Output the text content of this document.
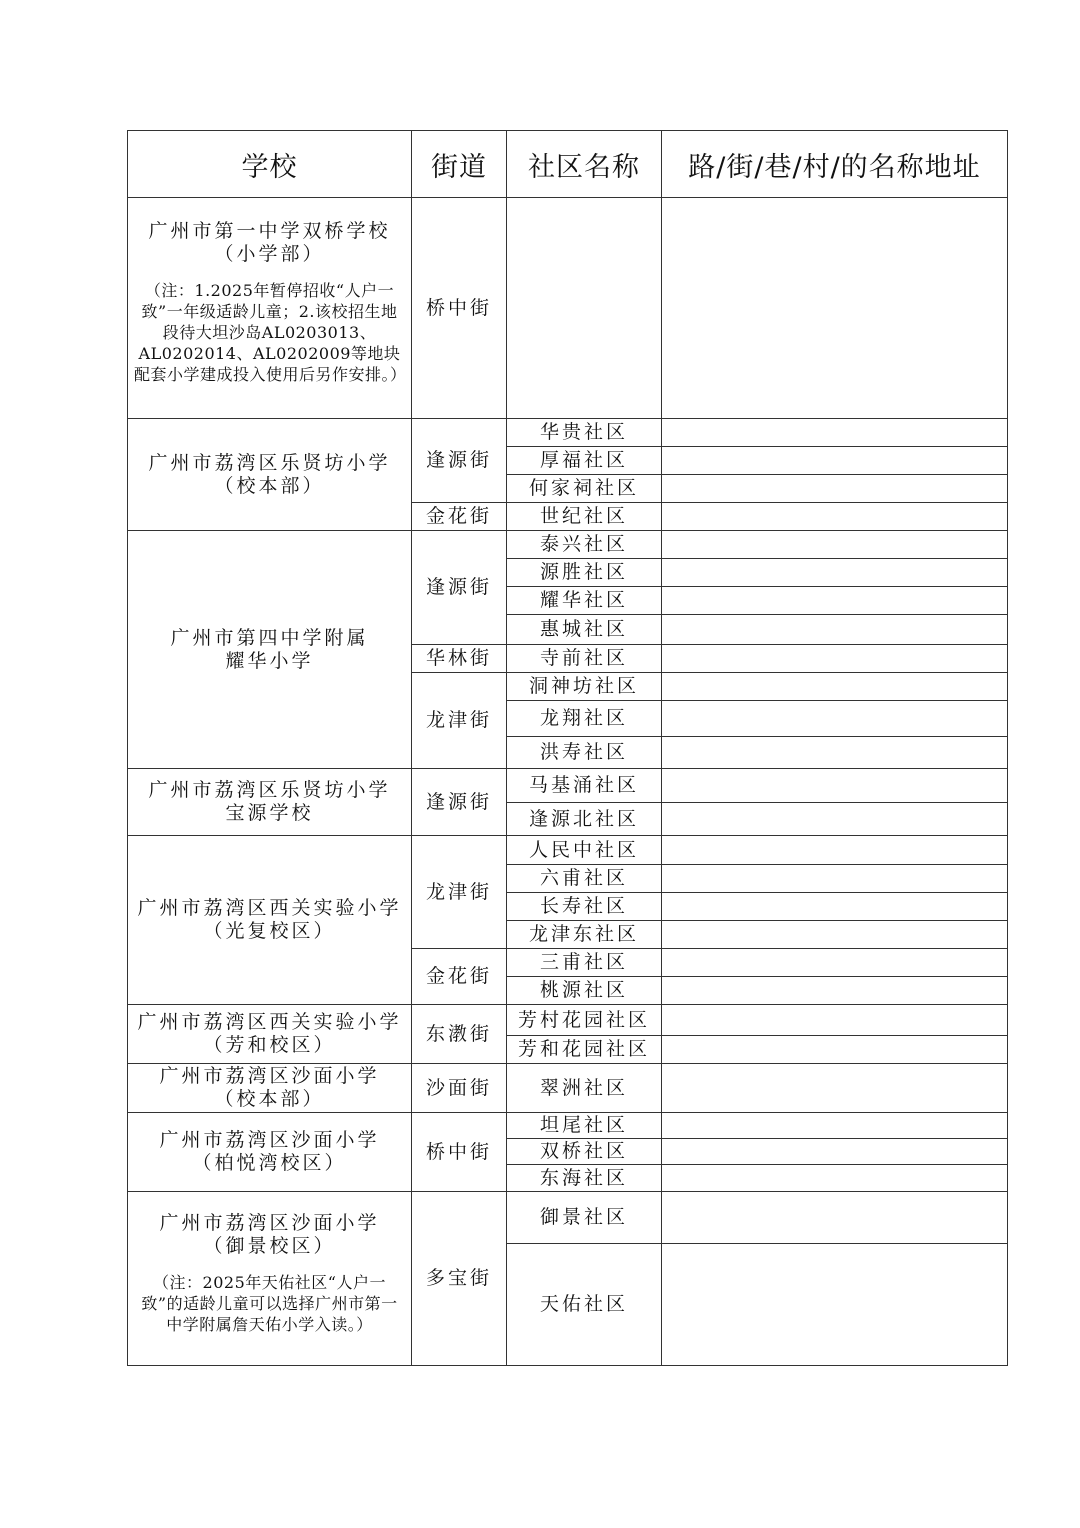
学校	街道	社区名称	路/街/巷/村/的名称地址

广州市第一中学双桥学校
（小学部）
（注：1.2025年暂停招收“人户一致”一年级适龄儿童；2.该校招生地段待大坦沙岛AL0203013、AL0202014、AL0202009等地块配套小学建成投入使用后另作安排。）	桥中街		

广州市荔湾区乐贤坊小学
（校本部）	逢源街	华贵社区	
		厚福社区	
		何家祠社区	
	金花街	世纪社区	

广州市第四中学附属
耀华小学	逢源街	泰兴社区	
		源胜社区	
		耀华社区	
		惠城社区	
	华林街	寺前社区	
	龙津街	洞神坊社区	
		龙翔社区	
		洪寿社区	

广州市荔湾区乐贤坊小学
宝源学校	逢源街	马基涌社区	
		逢源北社区	

广州市荔湾区西关实验小学
（光复校区）	龙津街	人民中社区	
		六甫社区	
		长寿社区	
		龙津东社区	
	金花街	三甫社区	
		桃源社区	

广州市荔湾区西关实验小学
（芳和校区）	东漖街	芳村花园社区	
		芳和花园社区	

广州市荔湾区沙面小学
（校本部）	沙面街	翠洲社区	

广州市荔湾区沙面小学
（柏悦湾校区）	桥中街	坦尾社区	
		双桥社区	
		东海社区	

广州市荔湾区沙面小学
（御景校区）
（注：2025年天佑社区“人户一致”的适龄儿童可以选择广州市第一中学附属詹天佑小学入读。）	多宝街	御景社区	
		天佑社区	
